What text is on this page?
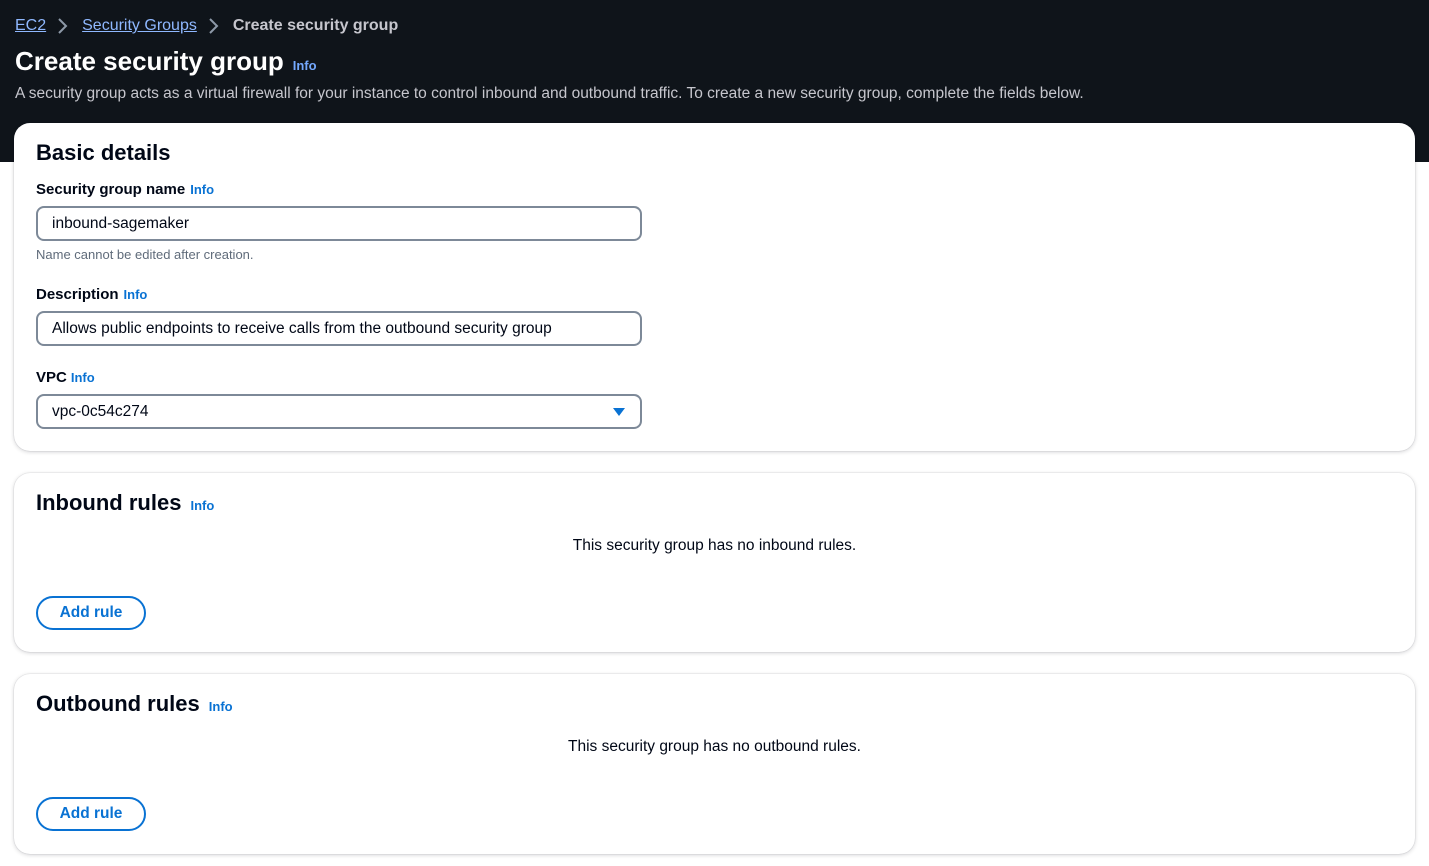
EC2 Security Groups Create security group
Create security group Info

A security group acts as a virtual firewall for your instance to control inbound and outbound traffic. To create a new security group, complete the fields below.

Basic details
Security group name Info
inbound-sagemaker
Name cannot be edited after creation.
Description Info
Allows public endpoints to receive calls from the outbound security group
VPC Info
vpc-0c54c274
Inbound rules Info

This security group has no inbound rules.

Add rule
Outbound rules Info

This security group has no outbound rules.

Add rule
